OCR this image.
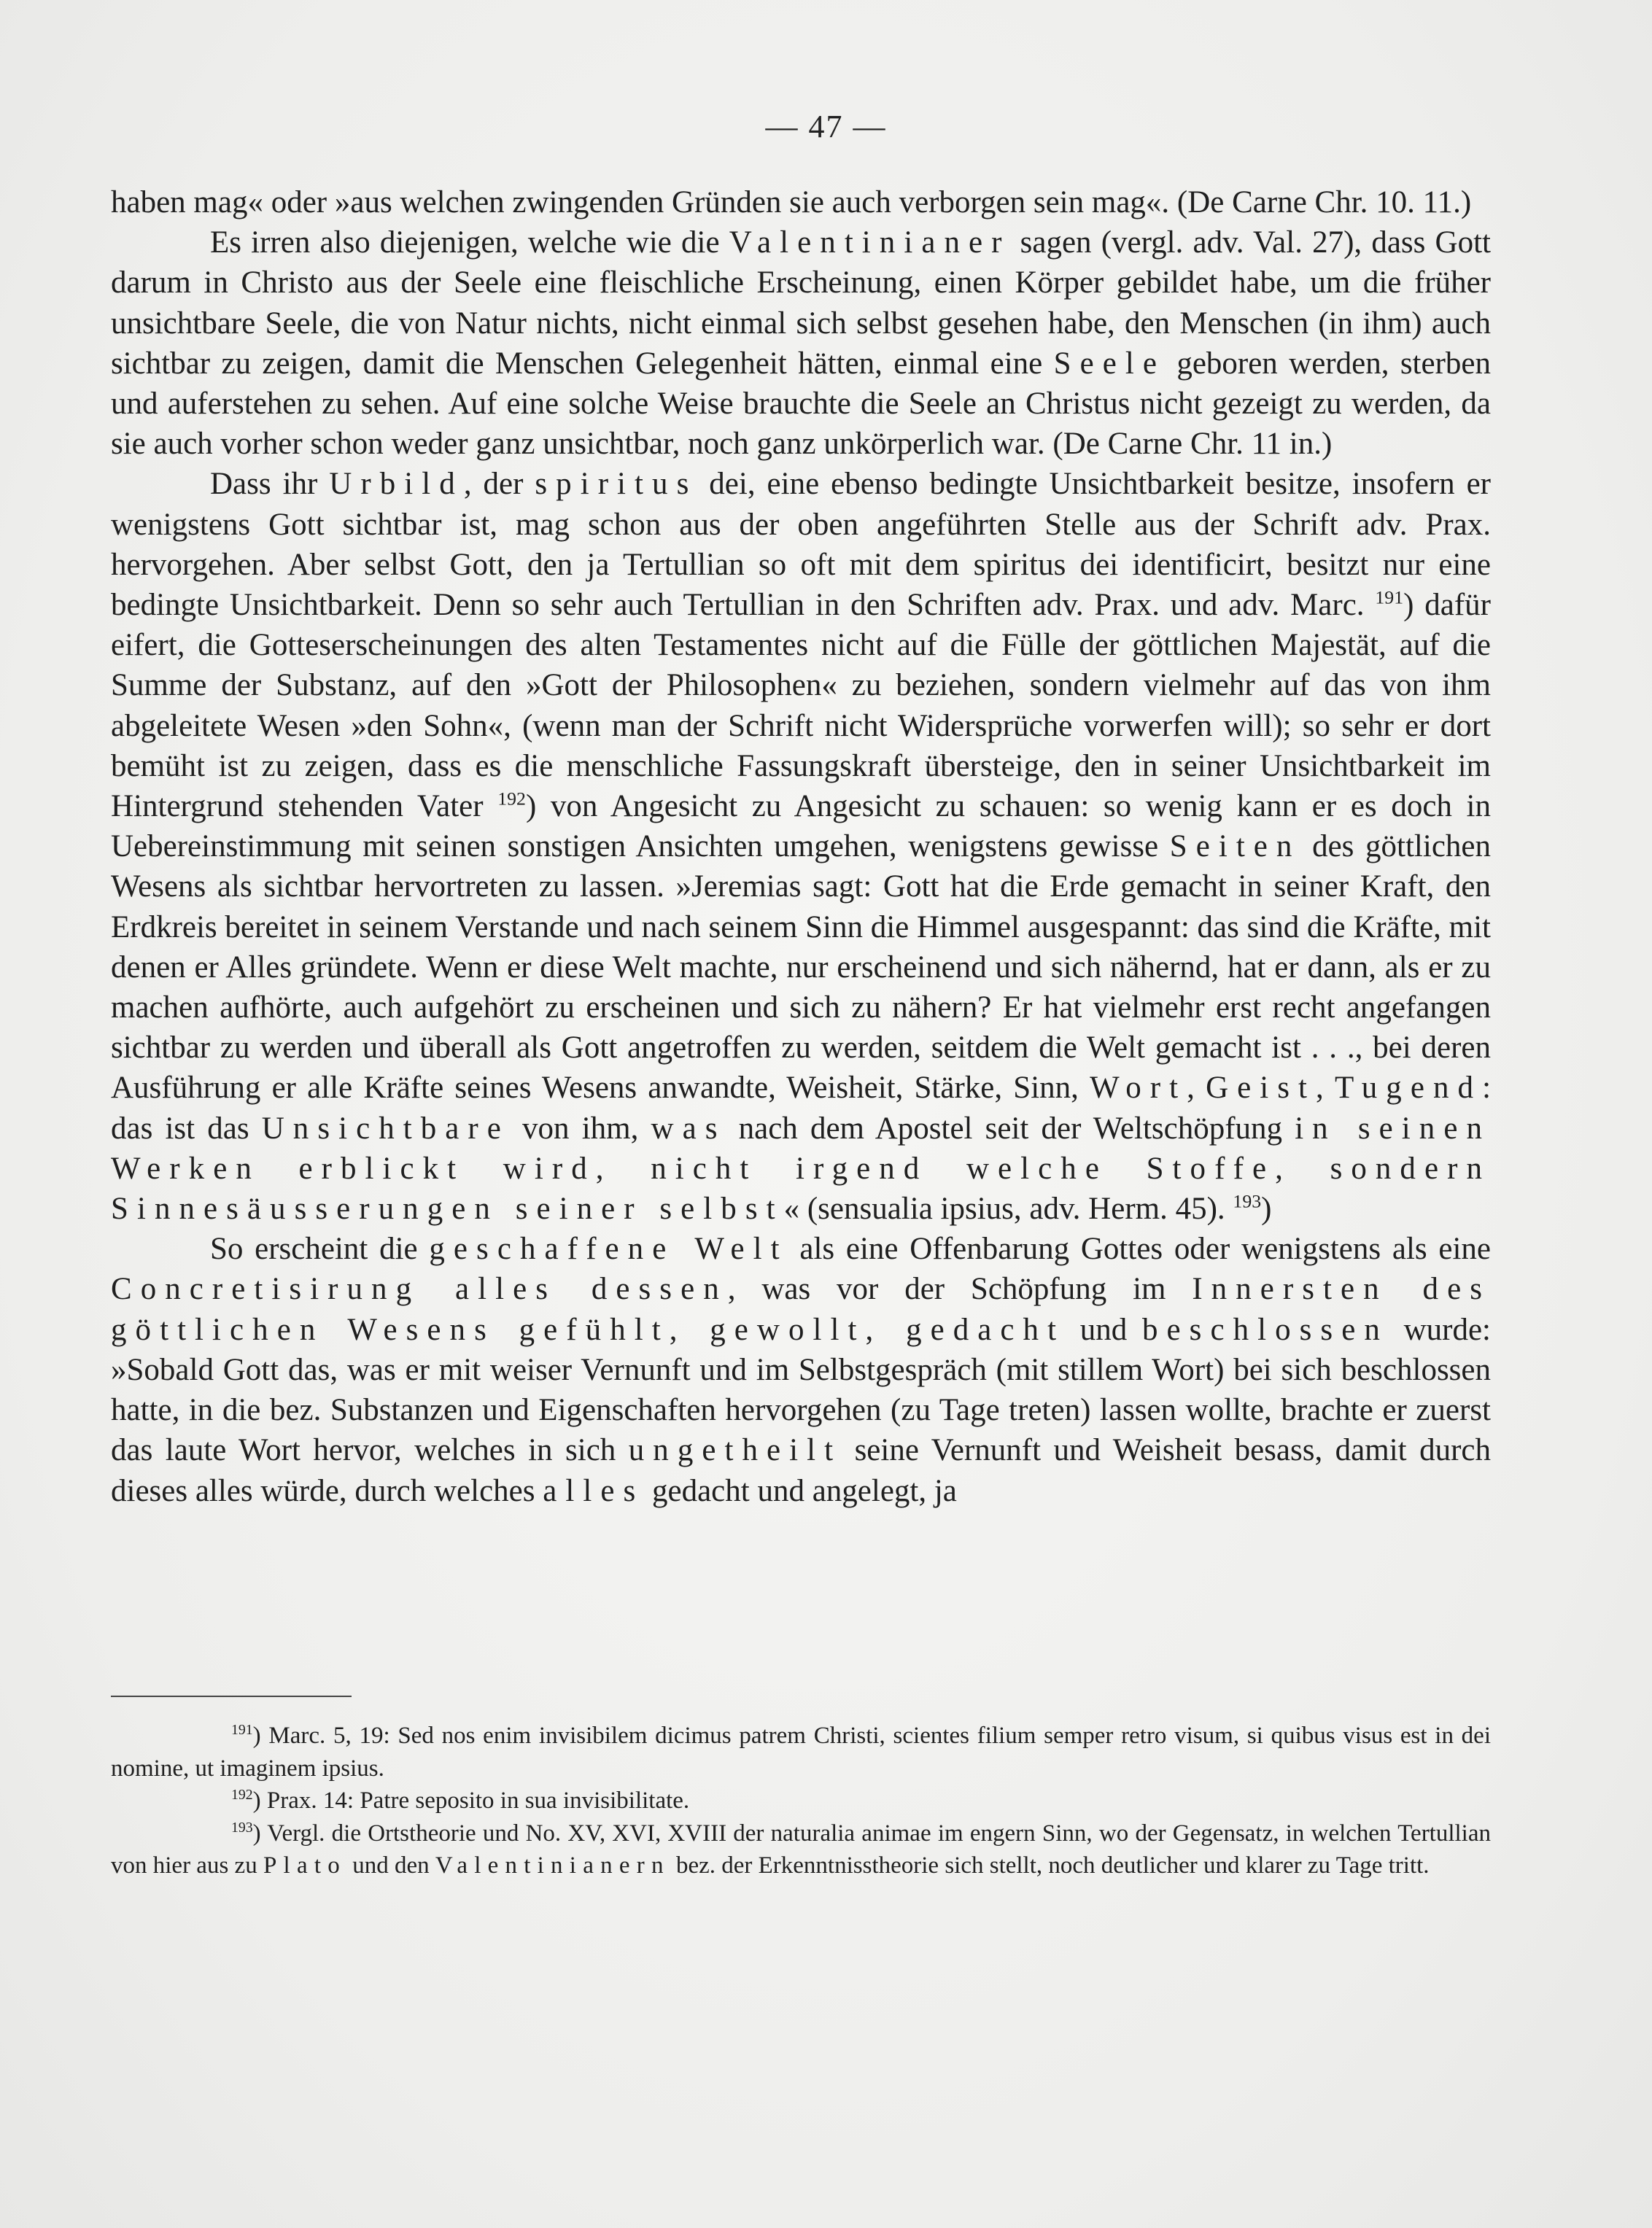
— 47 —

haben mag« oder »aus welchen zwingenden Gründen sie auch verborgen sein mag«. (De Carne Chr. 10. 11.)

Es irren also diejenigen, welche wie die Valentinianer sagen (vergl. adv. Val. 27), dass Gott darum in Christo aus der Seele eine fleischliche Erscheinung, einen Körper gebildet habe, um die früher unsichtbare Seele, die von Natur nichts, nicht einmal sich selbst gesehen habe, den Menschen (in ihm) auch sichtbar zu zeigen, damit die Menschen Gelegenheit hätten, einmal eine Seele geboren werden, sterben und auferstehen zu sehen. Auf eine solche Weise brauchte die Seele an Christus nicht gezeigt zu werden, da sie auch vorher schon weder ganz unsichtbar, noch ganz unkörperlich war. (De Carne Chr. 11 in.)

Dass ihr Urbild, der spiritus dei, eine ebenso bedingte Unsichtbarkeit besitze, insofern er wenigstens Gott sichtbar ist, mag schon aus der oben angeführten Stelle aus der Schrift adv. Prax. hervorgehen. Aber selbst Gott, den ja Tertullian so oft mit dem spiritus dei identificirt, besitzt nur eine bedingte Unsichtbarkeit. Denn so sehr auch Tertullian in den Schriften adv. Prax. und adv. Marc. $^{191}$) dafür eifert, die Gotteserscheinungen des alten Testamentes nicht auf die Fülle der göttlichen Majestät, auf die Summe der Substanz, auf den »Gott der Philosophen« zu beziehen, sondern vielmehr auf das von ihm abgeleitete Wesen »den Sohn«, (wenn man der Schrift nicht Widersprüche vorwerfen will); so sehr er dort bemüht ist zu zeigen, dass es die menschliche Fassungskraft übersteige, den in seiner Unsichtbarkeit im Hintergrund stehenden Vater $^{192}$) von Angesicht zu Angesicht zu schauen: so wenig kann er es doch in Uebereinstimmung mit seinen sonstigen Ansichten umgehen, wenigstens gewisse Seiten des göttlichen Wesens als sichtbar hervortreten zu lassen. »Jeremias sagt: Gott hat die Erde gemacht in seiner Kraft, den Erdkreis bereitet in seinem Verstande und nach seinem Sinn die Himmel ausgespannt: das sind die Kräfte, mit denen er Alles gründete. Wenn er diese Welt machte, nur erscheinend und sich nähernd, hat er dann, als er zu machen aufhörte, auch aufgehört zu erscheinen und sich zu nähern? Er hat vielmehr erst recht angefangen sichtbar zu werden und überall als Gott angetroffen zu werden, seitdem die Welt gemacht ist . . ., bei deren Ausführung er alle Kräfte seines Wesens anwandte, Weisheit, Stärke, Sinn, Wort, Geist, Tugend: das ist das Unsichtbare von ihm, was nach dem Apostel seit der Weltschöpfung in seinen Werken erblickt wird, nicht irgend welche Stoffe, sondern Sinnesäusserungen seiner selbst« (sensualia ipsius, adv. Herm. 45). $^{193}$)

So erscheint die geschaffene Welt als eine Offenbarung Gottes oder wenigstens als eine Concretisirung alles dessen, was vor der Schöpfung im Innersten des göttlichen Wesens gefühlt, gewollt, gedacht und beschlossen wurde: »Sobald Gott das, was er mit weiser Vernunft und im Selbstgespräch (mit stillem Wort) bei sich beschlossen hatte, in die bez. Substanzen und Eigenschaften hervorgehen (zu Tage treten) lassen wollte, brachte er zuerst das laute Wort hervor, welches in sich ungetheilt seine Vernunft und Weisheit besass, damit durch dieses alles würde, durch welches alles gedacht und angelegt, ja

$^{191}$) Marc. 5, 19: Sed nos enim invisibilem dicimus patrem Christi, scientes filium semper retro visum, si quibus visus est in dei nomine, ut imaginem ipsius.

$^{192}$) Prax. 14: Patre seposito in sua invisibilitate.

$^{193}$) Vergl. die Ortstheorie und No. XV, XVI, XVIII der naturalia animae im engern Sinn, wo der Gegensatz, in welchen Tertullian von hier aus zu Plato und den Valentinianern bez. der Erkenntnisstheorie sich stellt, noch deutlicher und klarer zu Tage tritt.
